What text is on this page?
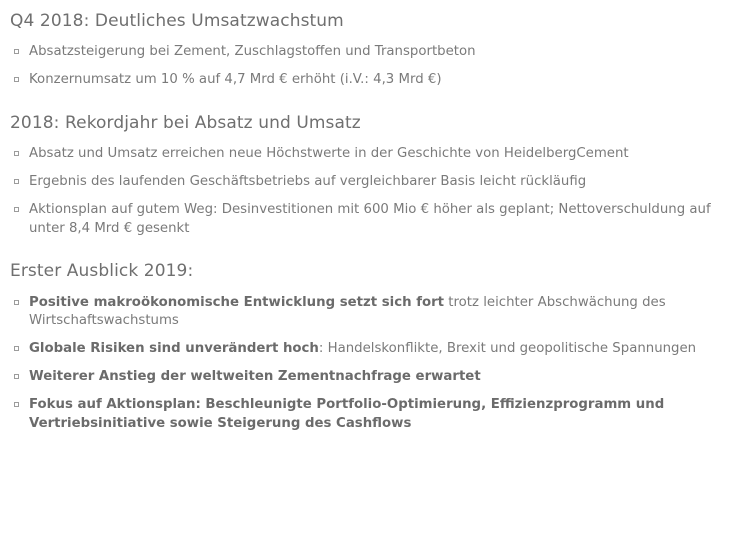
Q4 2018: Deutliches Umsatzwachstum
Absatzsteigerung bei Zement, Zuschlagstoffen und Transportbeton
Konzernumsatz um 10 % auf 4,7 Mrd € erhöht (i.V.: 4,3 Mrd €)
2018: Rekordjahr bei Absatz und Umsatz
Absatz und Umsatz erreichen neue Höchstwerte in der Geschichte von HeidelbergCement
Ergebnis des laufenden Geschäftsbetriebs auf vergleichbarer Basis leicht rückläufig
Aktionsplan auf gutem Weg: Desinvestitionen mit 600 Mio € höher als geplant; Nettoverschuldung auf unter 8,4 Mrd € gesenkt
Erster Ausblick 2019:
Positive makroökonomische Entwicklung setzt sich fort trotz leichter Abschwächung des Wirtschaftswachstums
Globale Risiken sind unverändert hoch: Handelskonflikte, Brexit und geopolitische Spannungen
Weiterer Anstieg der weltweiten Zementnachfrage erwartet
Fokus auf Aktionsplan: Beschleunigte Portfolio-Optimierung, Effizienzprogramm und Vertriebsinitiative sowie Steigerung des Cashflows
